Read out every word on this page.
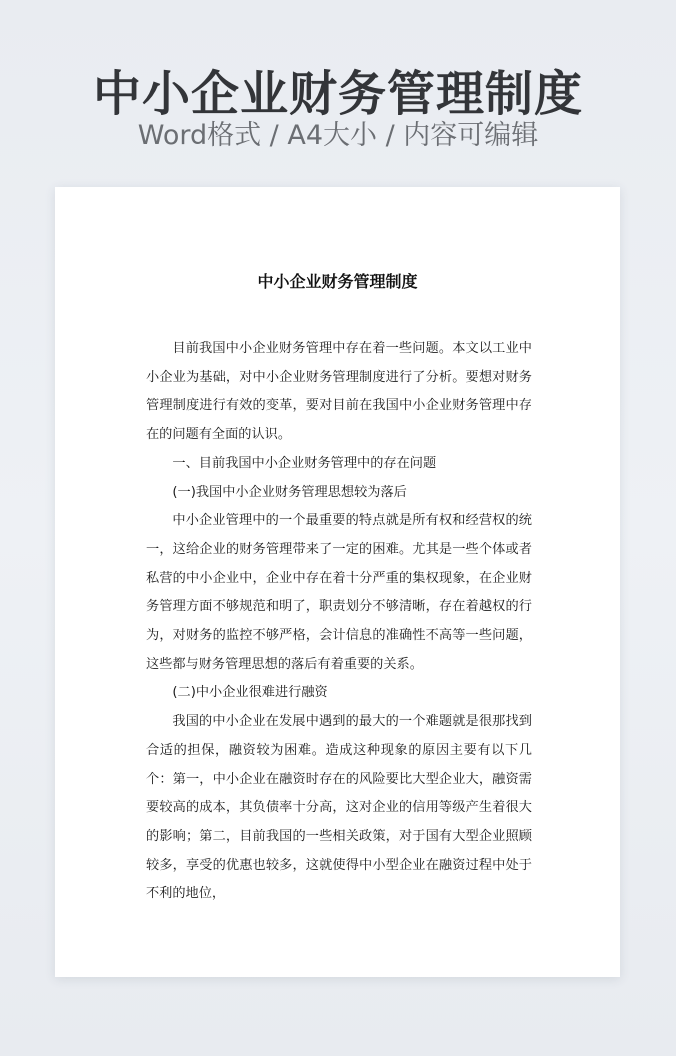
中小企业财务管理制度
Word格式 / A4大小 / 内容可编辑
中小企业财务管理制度

目前我国中小企业财务管理中存在着一些问题。本文以工业中小企业为基础，对中小企业财务管理制度进行了分析。要想对财务管理制度进行有效的变革，要对目前在我国中小企业财务管理中存在的问题有全面的认识。

一、目前我国中小企业财务管理中的存在问题

(一)我国中小企业财务管理思想较为落后

中小企业管理中的一个最重要的特点就是所有权和经营权的统一，这给企业的财务管理带来了一定的困难。尤其是一些个体或者私营的中小企业中，企业中存在着十分严重的集权现象，在企业财务管理方面不够规范和明了，职责划分不够清晰，存在着越权的行为，对财务的监控不够严格，会计信息的准确性不高等一些问题，这些都与财务管理思想的落后有着重要的关系。

(二)中小企业很难进行融资

我国的中小企业在发展中遇到的最大的一个难题就是很那找到合适的担保，融资较为困难。造成这种现象的原因主要有以下几个：第一，中小企业在融资时存在的风险要比大型企业大，融资需要较高的成本，其负债率十分高，这对企业的信用等级产生着很大的影响；第二，目前我国的一些相关政策，对于国有大型企业照顾较多，享受的优惠也较多，这就使得中小型企业在融资过程中处于不利的地位，
